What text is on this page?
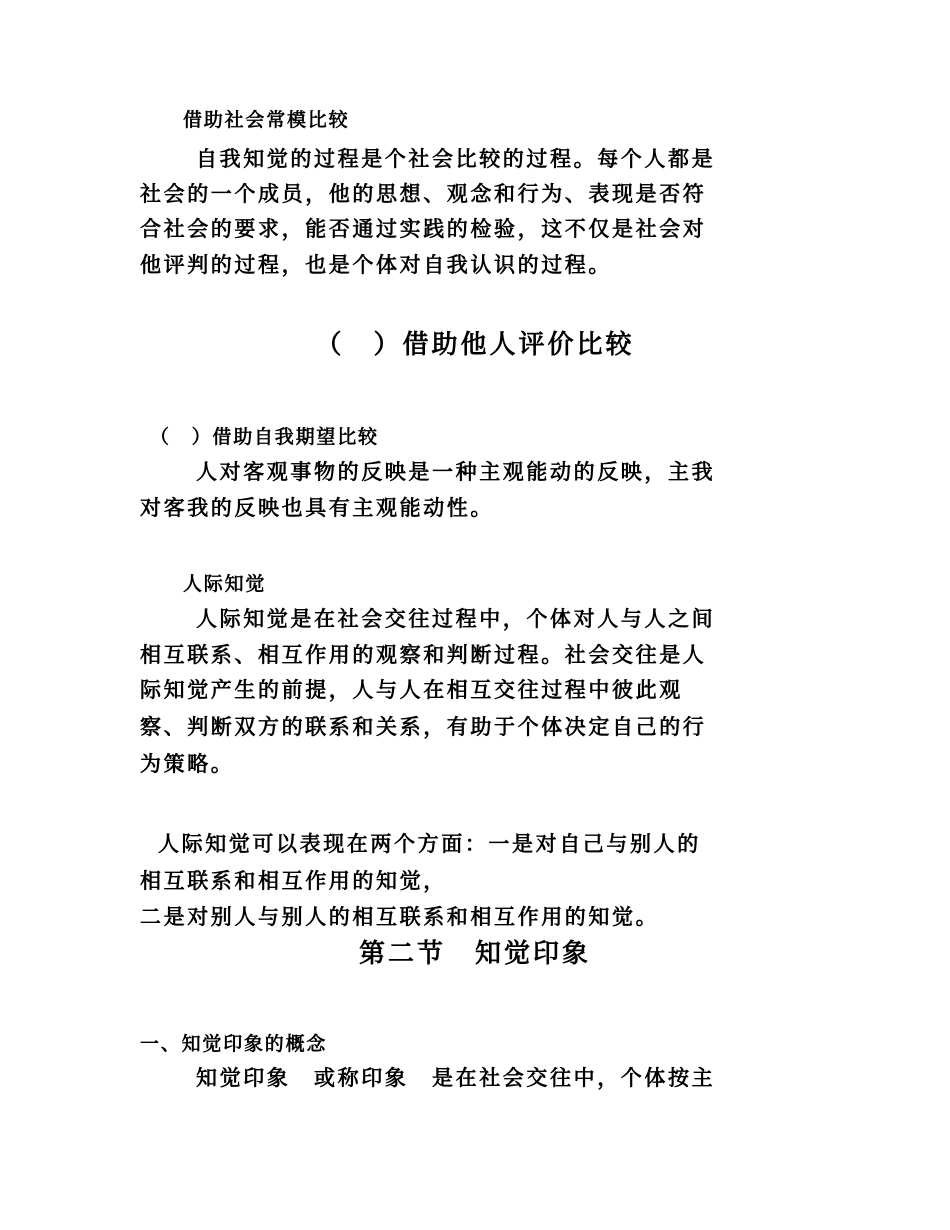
借助社会常模比较
自我知觉的过程是个社会比较的过程。每个人都是
社会的一个成员，他的思想、观念和行为、表现是否符
合社会的要求，能否通过实践的检验，这不仅是社会对
他评判的过程，也是个体对自我认识的过程。
（　）借助他人评价比较
（　）借助自我期望比较
人对客观事物的反映是一种主观能动的反映，主我
对客我的反映也具有主观能动性。
人际知觉
人际知觉是在社会交往过程中，个体对人与人之间
相互联系、相互作用的观察和判断过程。社会交往是人
际知觉产生的前提，人与人在相互交往过程中彼此观
察、判断双方的联系和关系，有助于个体决定自己的行
为策略。
人际知觉可以表现在两个方面：一是对自己与别人的
相互联系和相互作用的知觉，
二是对别人与别人的相互联系和相互作用的知觉。
第二节　知觉印象
一、知觉印象的概念
知觉印象　或称印象　是在社会交往中，个体按主
